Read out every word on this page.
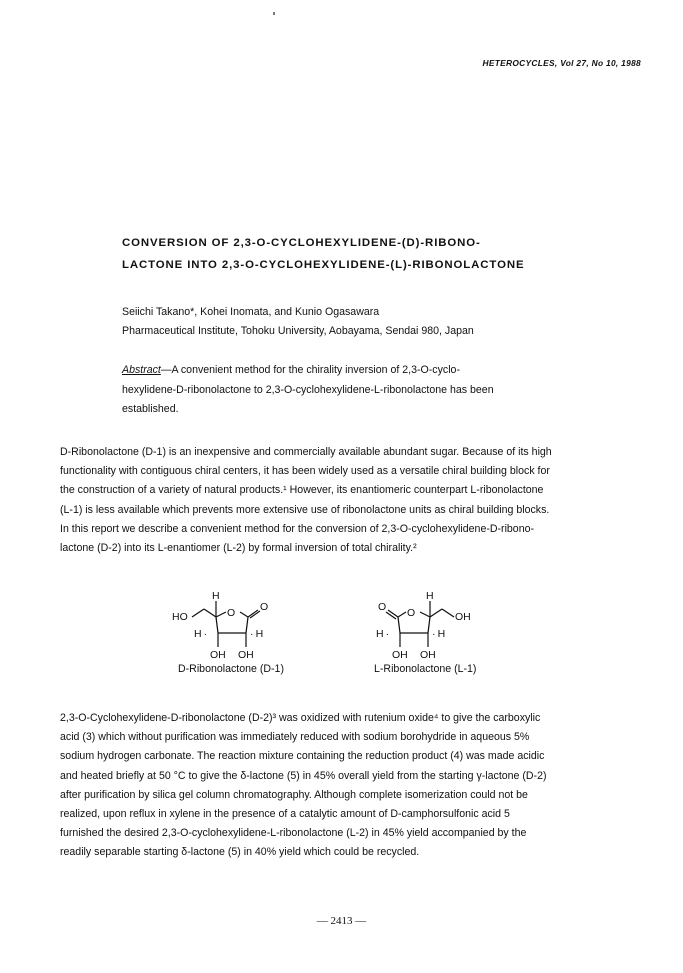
HETEROCYCLES, Vol 27, No 10, 1988
CONVERSION OF 2,3-O-CYCLOHEXYLIDENE-(D)-RIBONO-
LACTONE INTO 2,3-O-CYCLOHEXYLIDENE-(L)-RIBONOLACTONE
Seiichi Takano*, Kohei Inomata, and Kunio Ogasawara
Pharmaceutical Institute, Tohoku University, Aobayama, Sendai 980, Japan
Abstract—A convenient method for the chirality inversion of 2,3-O-cyclo-
hexylidene-D-ribonolactone to 2,3-O-cyclohexylidene-L-ribonolactone has been
established.
D-Ribonolactone (D-1) is an inexpensive and commercially available abundant sugar. Because of its high
functionality with contiguous chiral centers, it has been widely used as a versatile chiral building block for
the construction of a variety of natural products.¹ However, its enantiomeric counterpart L-ribonolactone
(L-1) is less available which prevents more extensive use of ribonolactone units as chiral building blocks.
In this report we describe a convenient method for the conversion of 2,3-O-cyclohexylidene-D-ribono-
lactone (D-2) into its L-enantiomer (L-2) by formal inversion of total chirality.²
H
O O
HO
H ·	· H
OH OH
O O
H
OH
H ·	· H
OH OH
D-Ribonolactone (D-1)	L-Ribonolactone (L-1)
2,3-O-Cyclohexylidene-D-ribonolactone (D-2)³ was oxidized with rutenium oxide⁴ to give the carboxylic
acid (3) which without purification was immediately reduced with sodium borohydride in aqueous 5%
sodium hydrogen carbonate. The reaction mixture containing the reduction product (4) was made acidic
and heated briefly at 50 °C to give the δ-lactone (5) in 45% overall yield from the starting γ-lactone (D-2)
after purification by silica gel column chromatography. Although complete isomerization could not be
realized, upon reflux in xylene in the presence of a catalytic amount of D-camphorsulfonic acid 5
furnished the desired 2,3-O-cyclohexylidene-L-ribonolactone (L-2) in 45% yield accompanied by the
readily separable starting δ-lactone (5) in 40% yield which could be recycled.
— 2413 —
